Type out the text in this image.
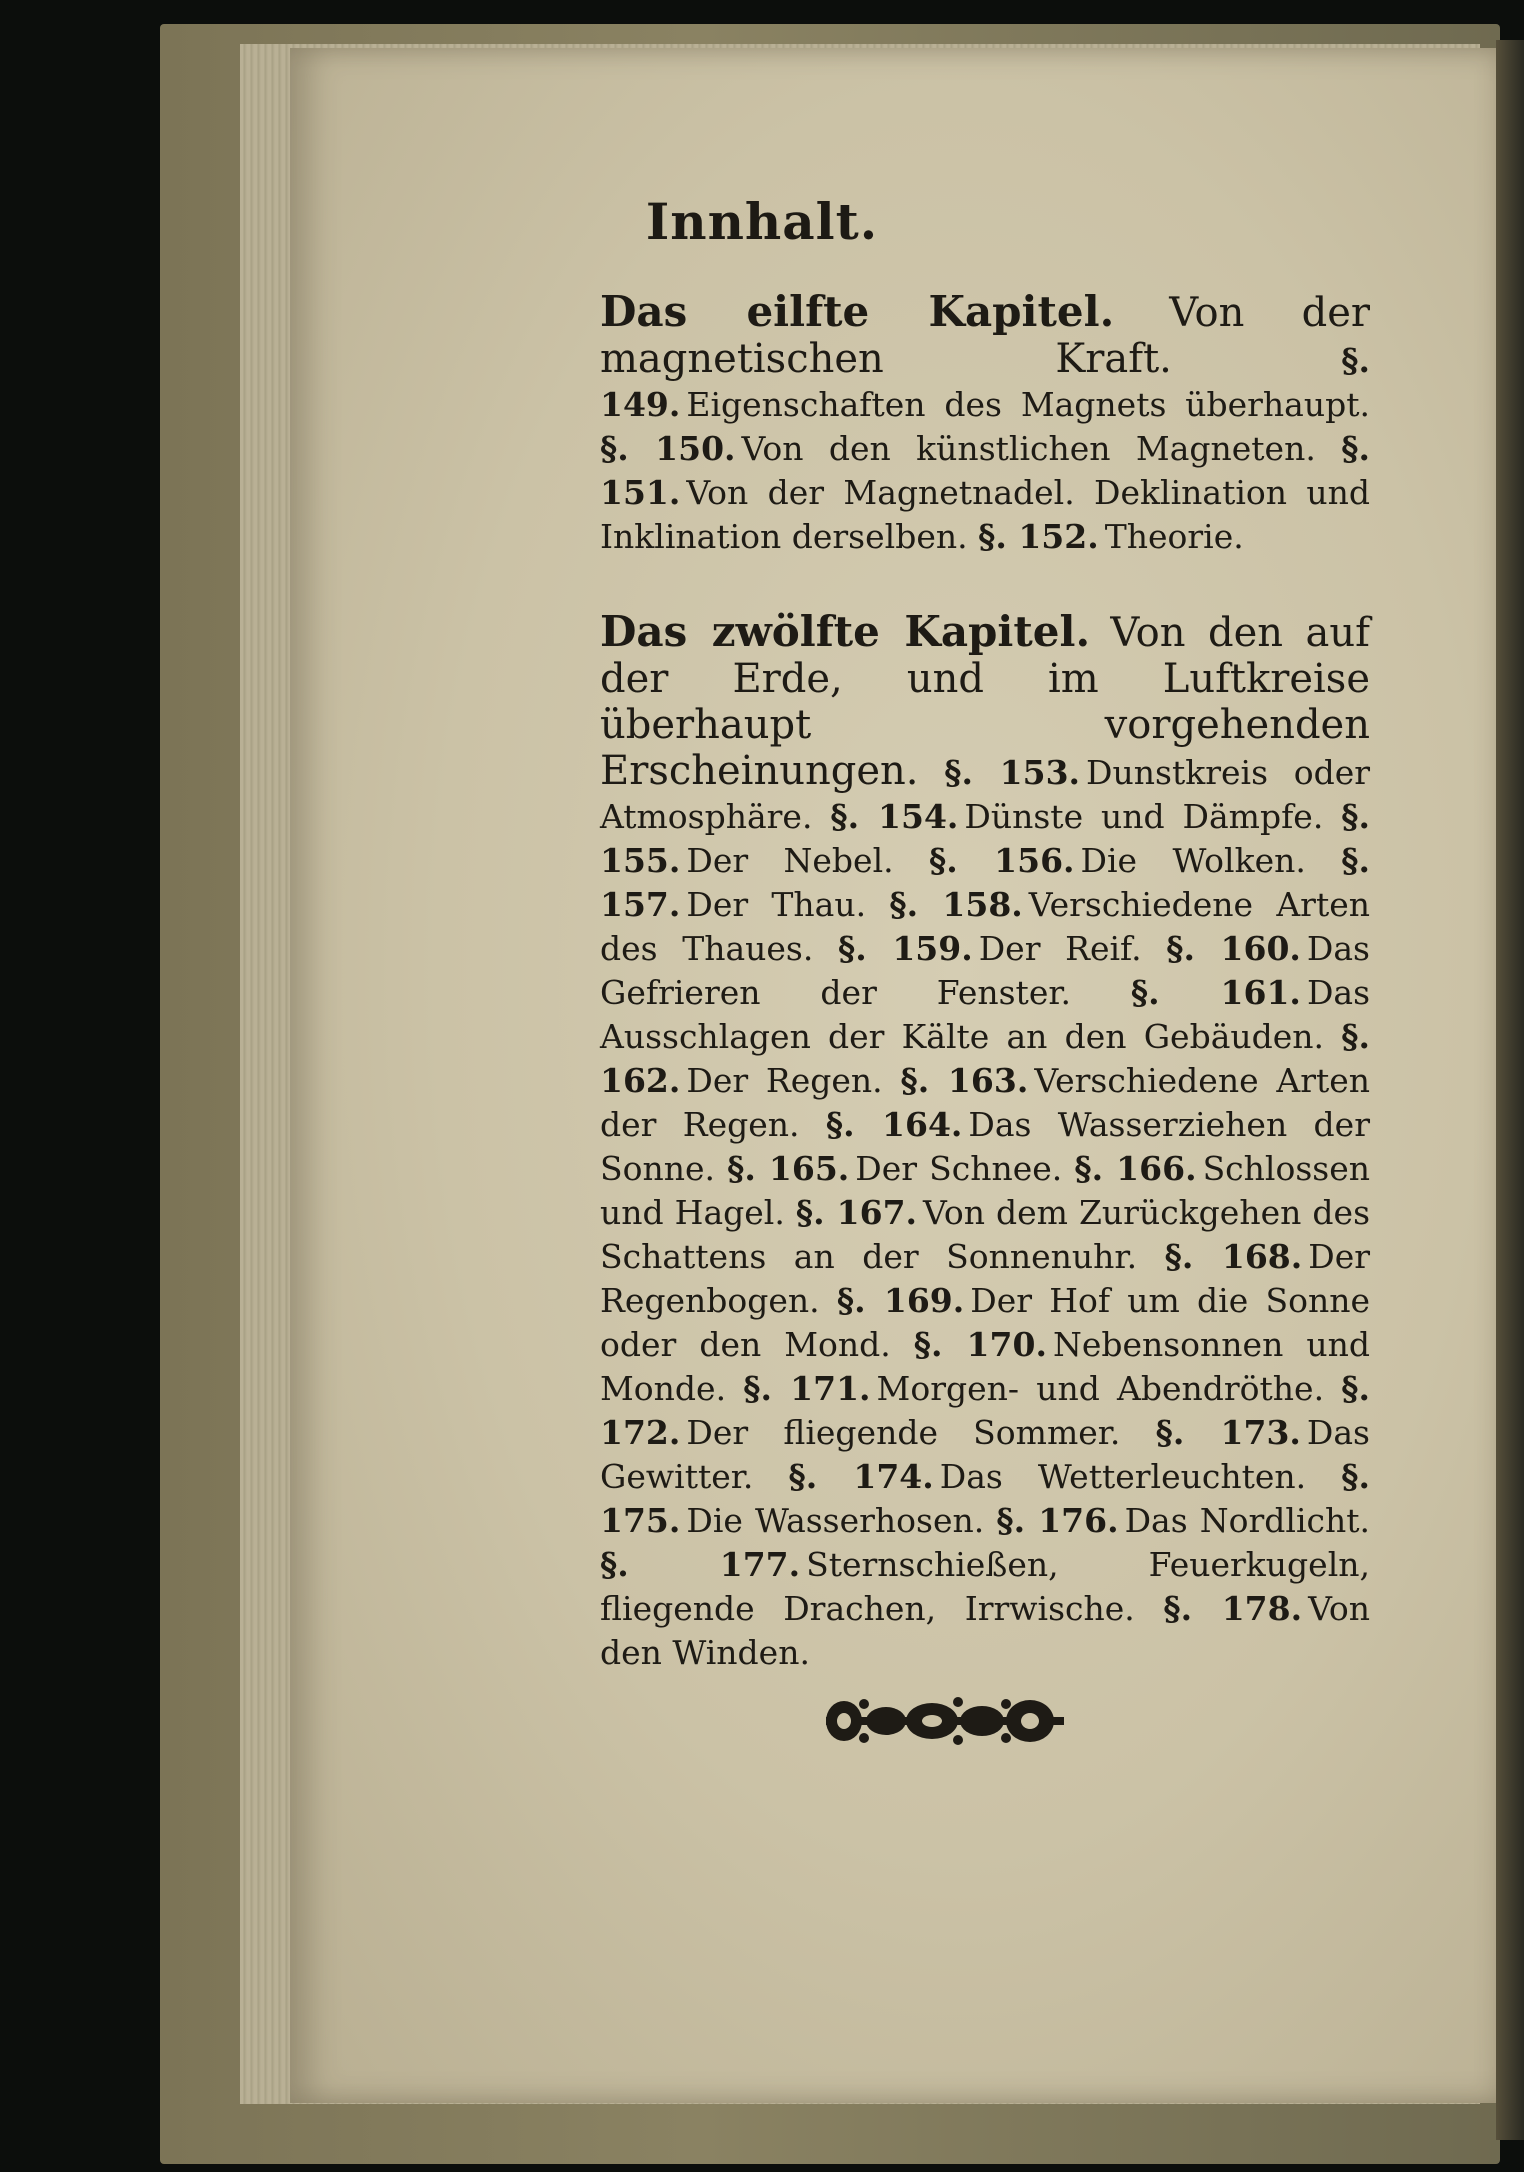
Innhalt.
Das eilfte Kapitel. Von der magnetischen Kraft.	§. 149. Eigenschaften des Magnets überhaupt. §. 150. Von den künstlichen Magneten. §. 151. Von der Magnetnadel. Deklination und Inklination derselben. §. 152. Theorie.
Das zwölfte Kapitel. Von den auf der Erde, und im Luftkreise überhaupt vorgehenden Erscheinungen. §. 153. Dunstkreis oder Atmosphäre. §. 154. Dünste und Dämpfe. §. 155. Der Nebel. §. 156. Die Wolken. §. 157. Der Thau. §. 158. Verschiedene Arten des Thaues. §. 159. Der Reif. §. 160. Das Gefrieren der Fenster. §. 161. Das Ausschlagen der Kälte an den Gebäuden. §. 162. Der Regen. §. 163. Verschiedene Arten der Regen. §. 164. Das Wasserziehen der Sonne. §. 165. Der Schnee. §. 166. Schlossen und Hagel. §. 167. Von dem Zurückgehen des Schattens an der Sonnenuhr. §. 168. Der Regenbogen. §. 169. Der Hof um die Sonne oder den Mond. §. 170. Nebensonnen und Monde. §. 171. Morgen- und Abendröthe. §. 172. Der fliegende Sommer. §. 173. Das Gewitter. §. 174. Das Wetterleuchten. §. 175. Die Wasserhosen. §. 176. Das Nordlicht. §. 177. Sternschießen, Feuerkugeln, fliegende Drachen, Irrwische. §. 178. Von den Winden.
